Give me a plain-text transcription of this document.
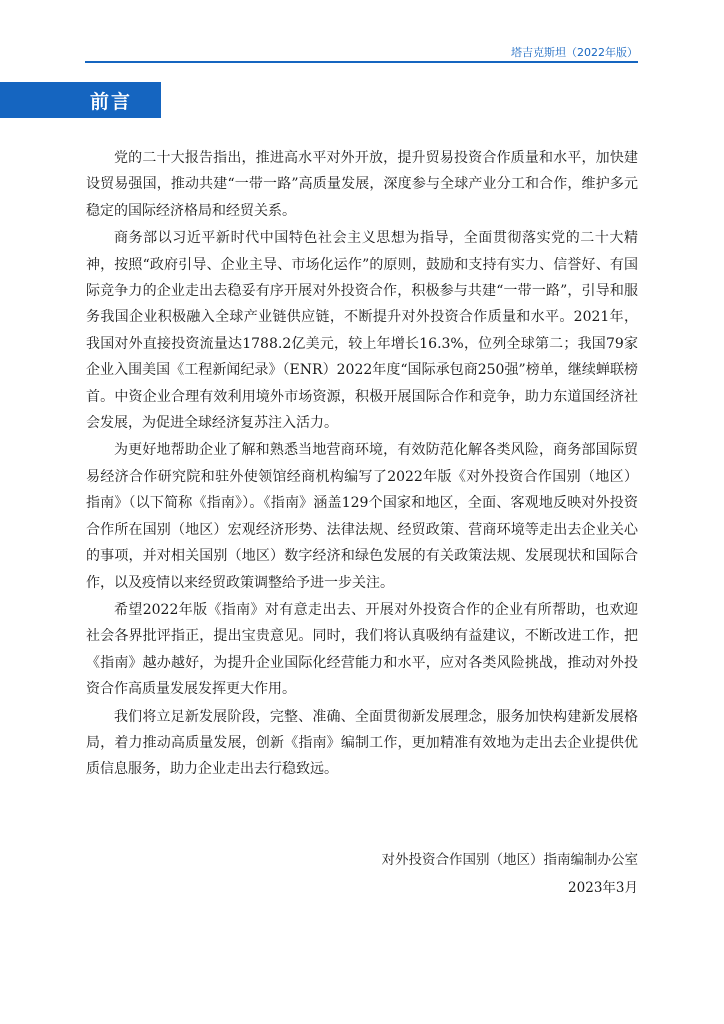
塔吉克斯坦（2022年版）
前言

党的二十大报告指出，推进高水平对外开放，提升贸易投资合作质量和水平，加快建设贸易强国，推动共建“一带一路”高质量发展，深度参与全球产业分工和合作，维护多元稳定的国际经济格局和经贸关系。

商务部以习近平新时代中国特色社会主义思想为指导，全面贯彻落实党的二十大精神，按照“政府引导、企业主导、市场化运作”的原则，鼓励和支持有实力、信誉好、有国际竞争力的企业走出去稳妥有序开展对外投资合作，积极参与共建“一带一路”，引导和服务我国企业积极融入全球产业链供应链，不断提升对外投资合作质量和水平。2021年，我国对外直接投资流量达1788.2亿美元，较上年增长16.3%，位列全球第二；我国79家企业入围美国《工程新闻纪录》（ENR）2022年度“国际承包商250强”榜单，继续蝉联榜首。中资企业合理有效利用境外市场资源，积极开展国际合作和竞争，助力东道国经济社会发展，为促进全球经济复苏注入活力。

为更好地帮助企业了解和熟悉当地营商环境，有效防范化解各类风险，商务部国际贸易经济合作研究院和驻外使领馆经商机构编写了2022年版《对外投资合作国别（地区）指南》（以下简称《指南》）。《指南》涵盖129个国家和地区，全面、客观地反映对外投资合作所在国别（地区）宏观经济形势、法律法规、经贸政策、营商环境等走出去企业关心的事项，并对相关国别（地区）数字经济和绿色发展的有关政策法规、发展现状和国际合作，以及疫情以来经贸政策调整给予进一步关注。

希望2022年版《指南》对有意走出去、开展对外投资合作的企业有所帮助，也欢迎社会各界批评指正，提出宝贵意见。同时，我们将认真吸纳有益建议，不断改进工作，把《指南》越办越好，为提升企业国际化经营能力和水平，应对各类风险挑战，推动对外投资合作高质量发展发挥更大作用。

我们将立足新发展阶段，完整、准确、全面贯彻新发展理念，服务加快构建新发展格局，着力推动高质量发展，创新《指南》编制工作，更加精准有效地为走出去企业提供优质信息服务，助力企业走出去行稳致远。

对外投资合作国别（地区）指南编制办公室
2023年3月
